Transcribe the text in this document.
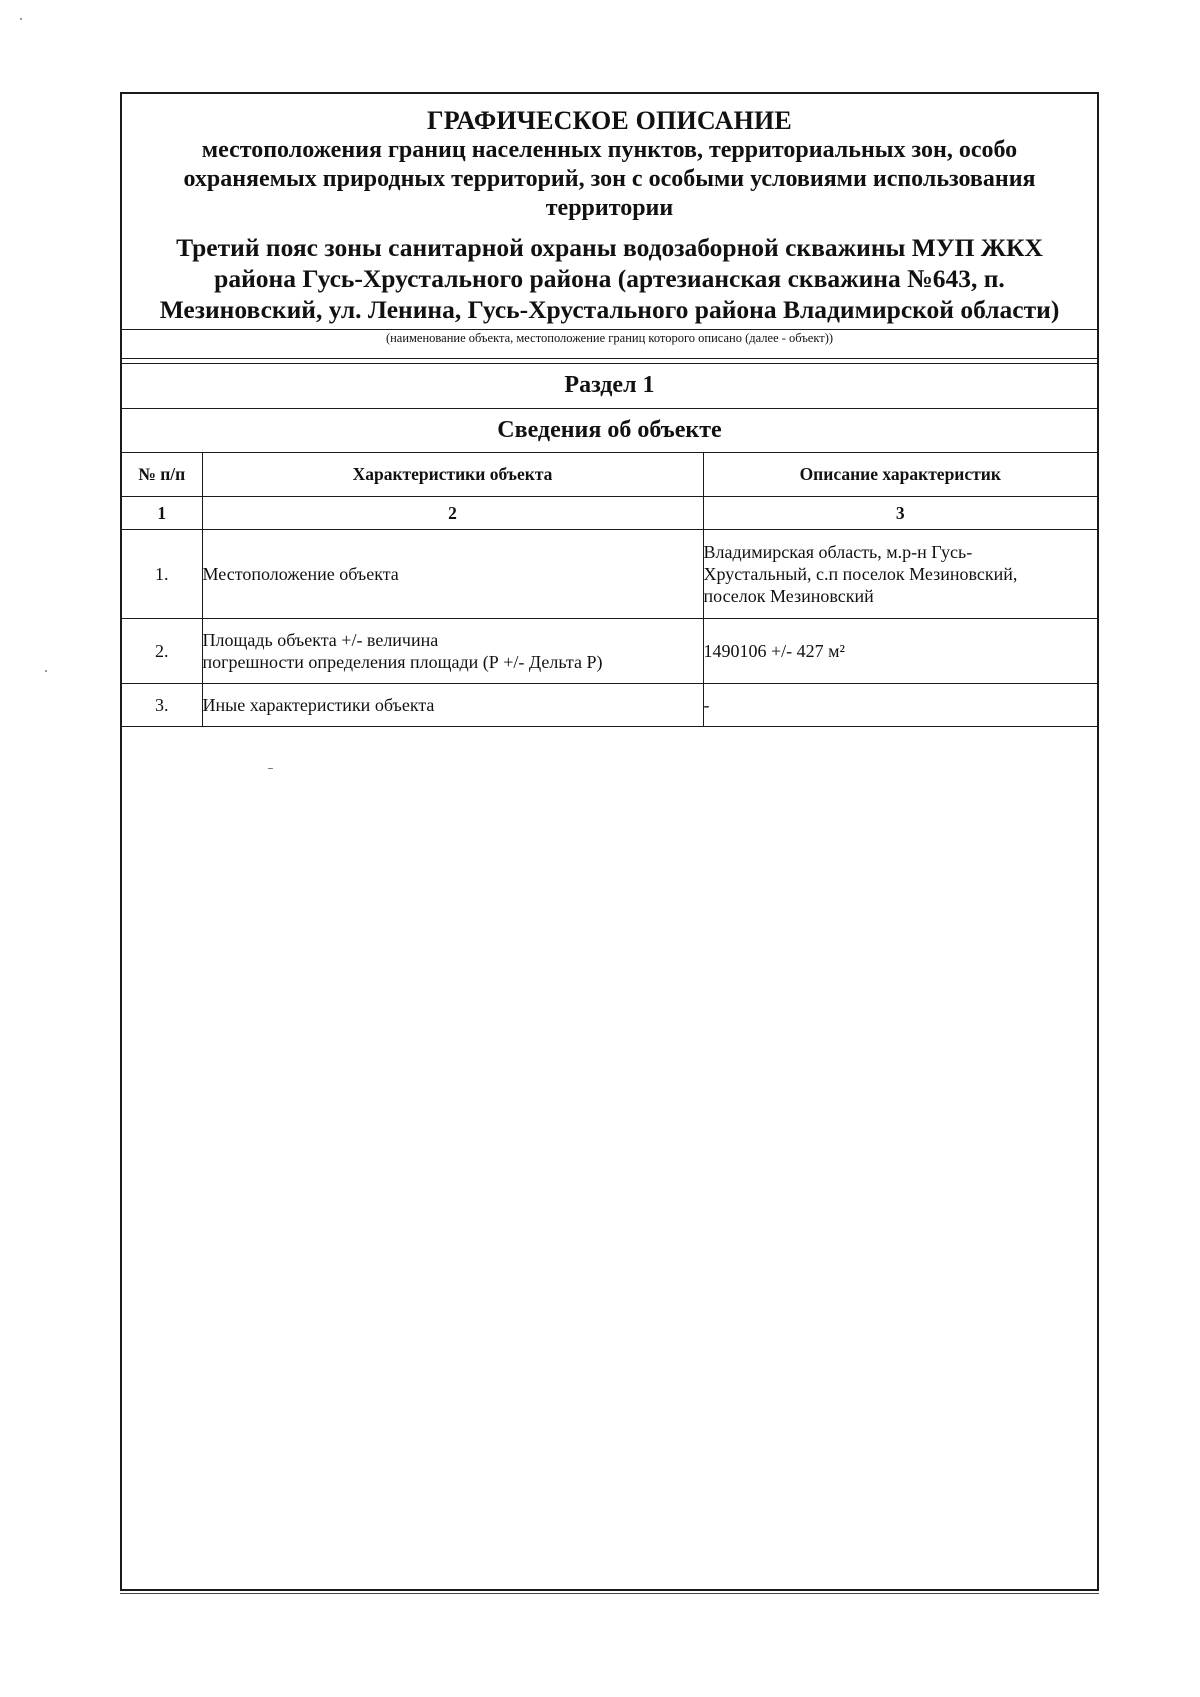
ГРАФИЧЕСКОЕ ОПИСАНИЕ
местоположения границ населенных пунктов, территориальных зон, особо
охраняемых природных территорий, зон с особыми условиями использования
территории
Третий пояс зоны санитарной охраны водозаборной скважины МУП ЖКХ
района Гусь-Хрустального района (артезианская скважина №643, п.
Мезиновский, ул. Ленина, Гусь-Хрустального района Владимирской области)
(наименование объекта, местоположение границ которого описано (далее - объект))
Раздел 1
Сведения об объекте
№ п/п	Характеристики объекта	Описание характеристик
1	2	3
1.	Местоположение объекта	Владимирская область, м.р-н Гусь-
Хрустальный, с.п поселок Мезиновский,
поселок Мезиновский

2.	Площадь объекта +/- величина
погрешности определения площади (Р +/- Дельта Р)	1490106 +/- 427 м²
3.	Иные характеристики объекта	-
